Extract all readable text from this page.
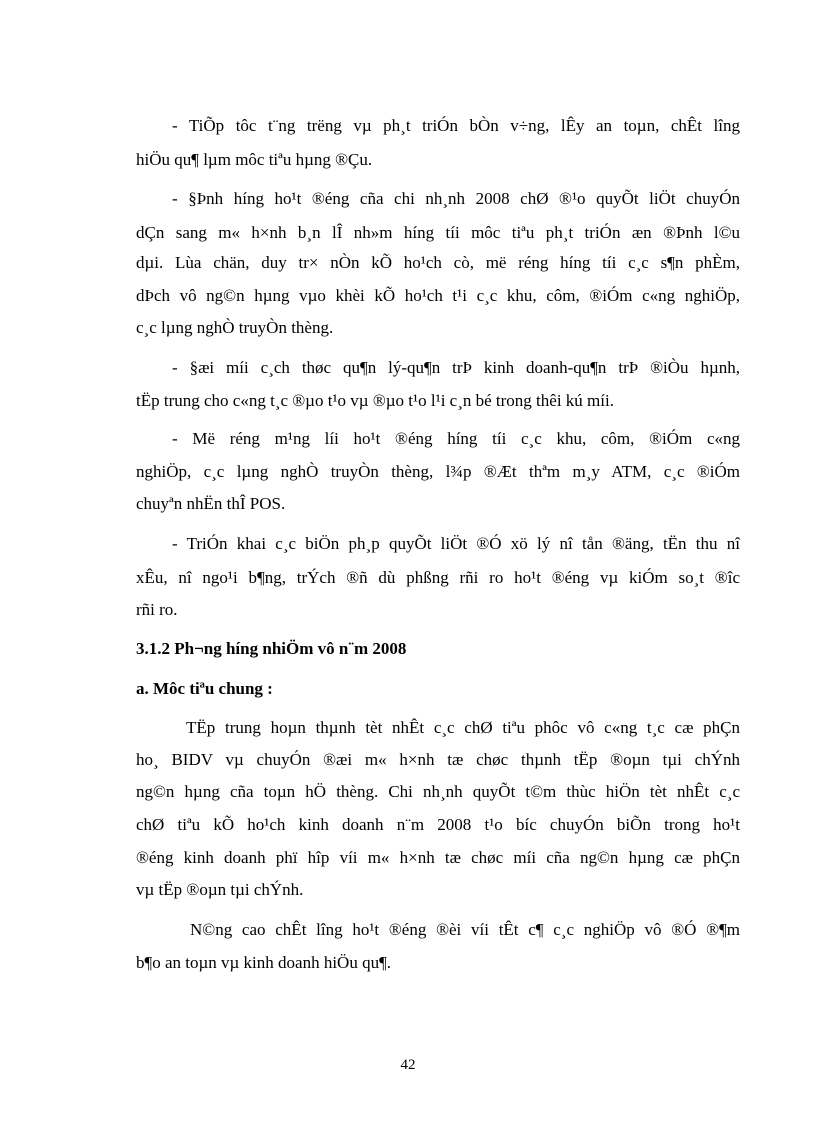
- TiÕp tôc t¨ng trëng vµ ph¸t triÓn bÒn v÷ng, lÊy an toµn, chÊt lîng
hiÖu qu¶ lµm môc tiªu hµng ®Çu.
- §Þnh híng ho¹t ®éng cña chi nh¸nh 2008 chØ ®¹o quyÕt liÖt chuyÓn
dÇn sang m« h×nh b¸n lÎ nh»m híng tíi môc tiªu ph¸t triÓn æn ®Þnh l©u
dµi. Lùa chän, duy tr× nÒn kÕ ho¹ch cò, më réng híng tíi c¸c s¶n phÈm,
dÞch vô ng©n hµng vµo khèi kÕ ho¹ch t¹i c¸c khu, côm, ®iÓm c«ng nghiÖp,
c¸c lµng nghÒ truyÒn thèng.
- §æi míi c¸ch thøc qu¶n lý-qu¶n trÞ kinh doanh-qu¶n trÞ ®iÒu hµnh,
tËp trung cho c«ng t¸c ®µo t¹o vµ ®µo t¹o l¹i c¸n bé trong thêi kú míi.
- Më réng m¹ng líi ho¹t ®éng híng tíi c¸c khu, côm, ®iÓm c«ng
nghiÖp, c¸c lµng nghÒ truyÒn thèng, l¾p ®Æt thªm m¸y ATM, c¸c ®iÓm
chuyªn nhËn thÎ POS.
- TriÓn khai c¸c biÖn ph¸p quyÕt liÖt ®Ó xö lý nî tån ®äng, tËn thu nî
xÊu, nî ngo¹i b¶ng, trÝch ®ñ dù phßng rñi ro ho¹t ®éng vµ kiÓm so¸t ®îc
rñi ro.
3.1.2 Ph¬ng híng nhiÖm vô n¨m 2008
a. Môc tiªu chung :
TËp trung hoµn thµnh tèt nhÊt c¸c chØ tiªu phôc vô c«ng t¸c cæ phÇn
ho¸ BIDV vµ chuyÓn ®æi m« h×nh tæ chøc thµnh tËp ®oµn tµi chÝnh
ng©n hµng cña toµn hÖ thèng. Chi nh¸nh quyÕt t©m thùc hiÖn tèt nhÊt c¸c
chØ tiªu kÕ ho¹ch kinh doanh n¨m 2008 t¹o bíc chuyÓn biÕn trong ho¹t
®éng kinh doanh phï hîp víi m« h×nh tæ chøc míi cña ng©n hµng cæ phÇn
vµ tËp ®oµn tµi chÝnh.
N©ng cao chÊt lîng ho¹t ®éng ®èi víi tÊt c¶ c¸c nghiÖp vô ®Ó ®¶m
b¶o an toµn vµ kinh doanh hiÖu qu¶.
42
